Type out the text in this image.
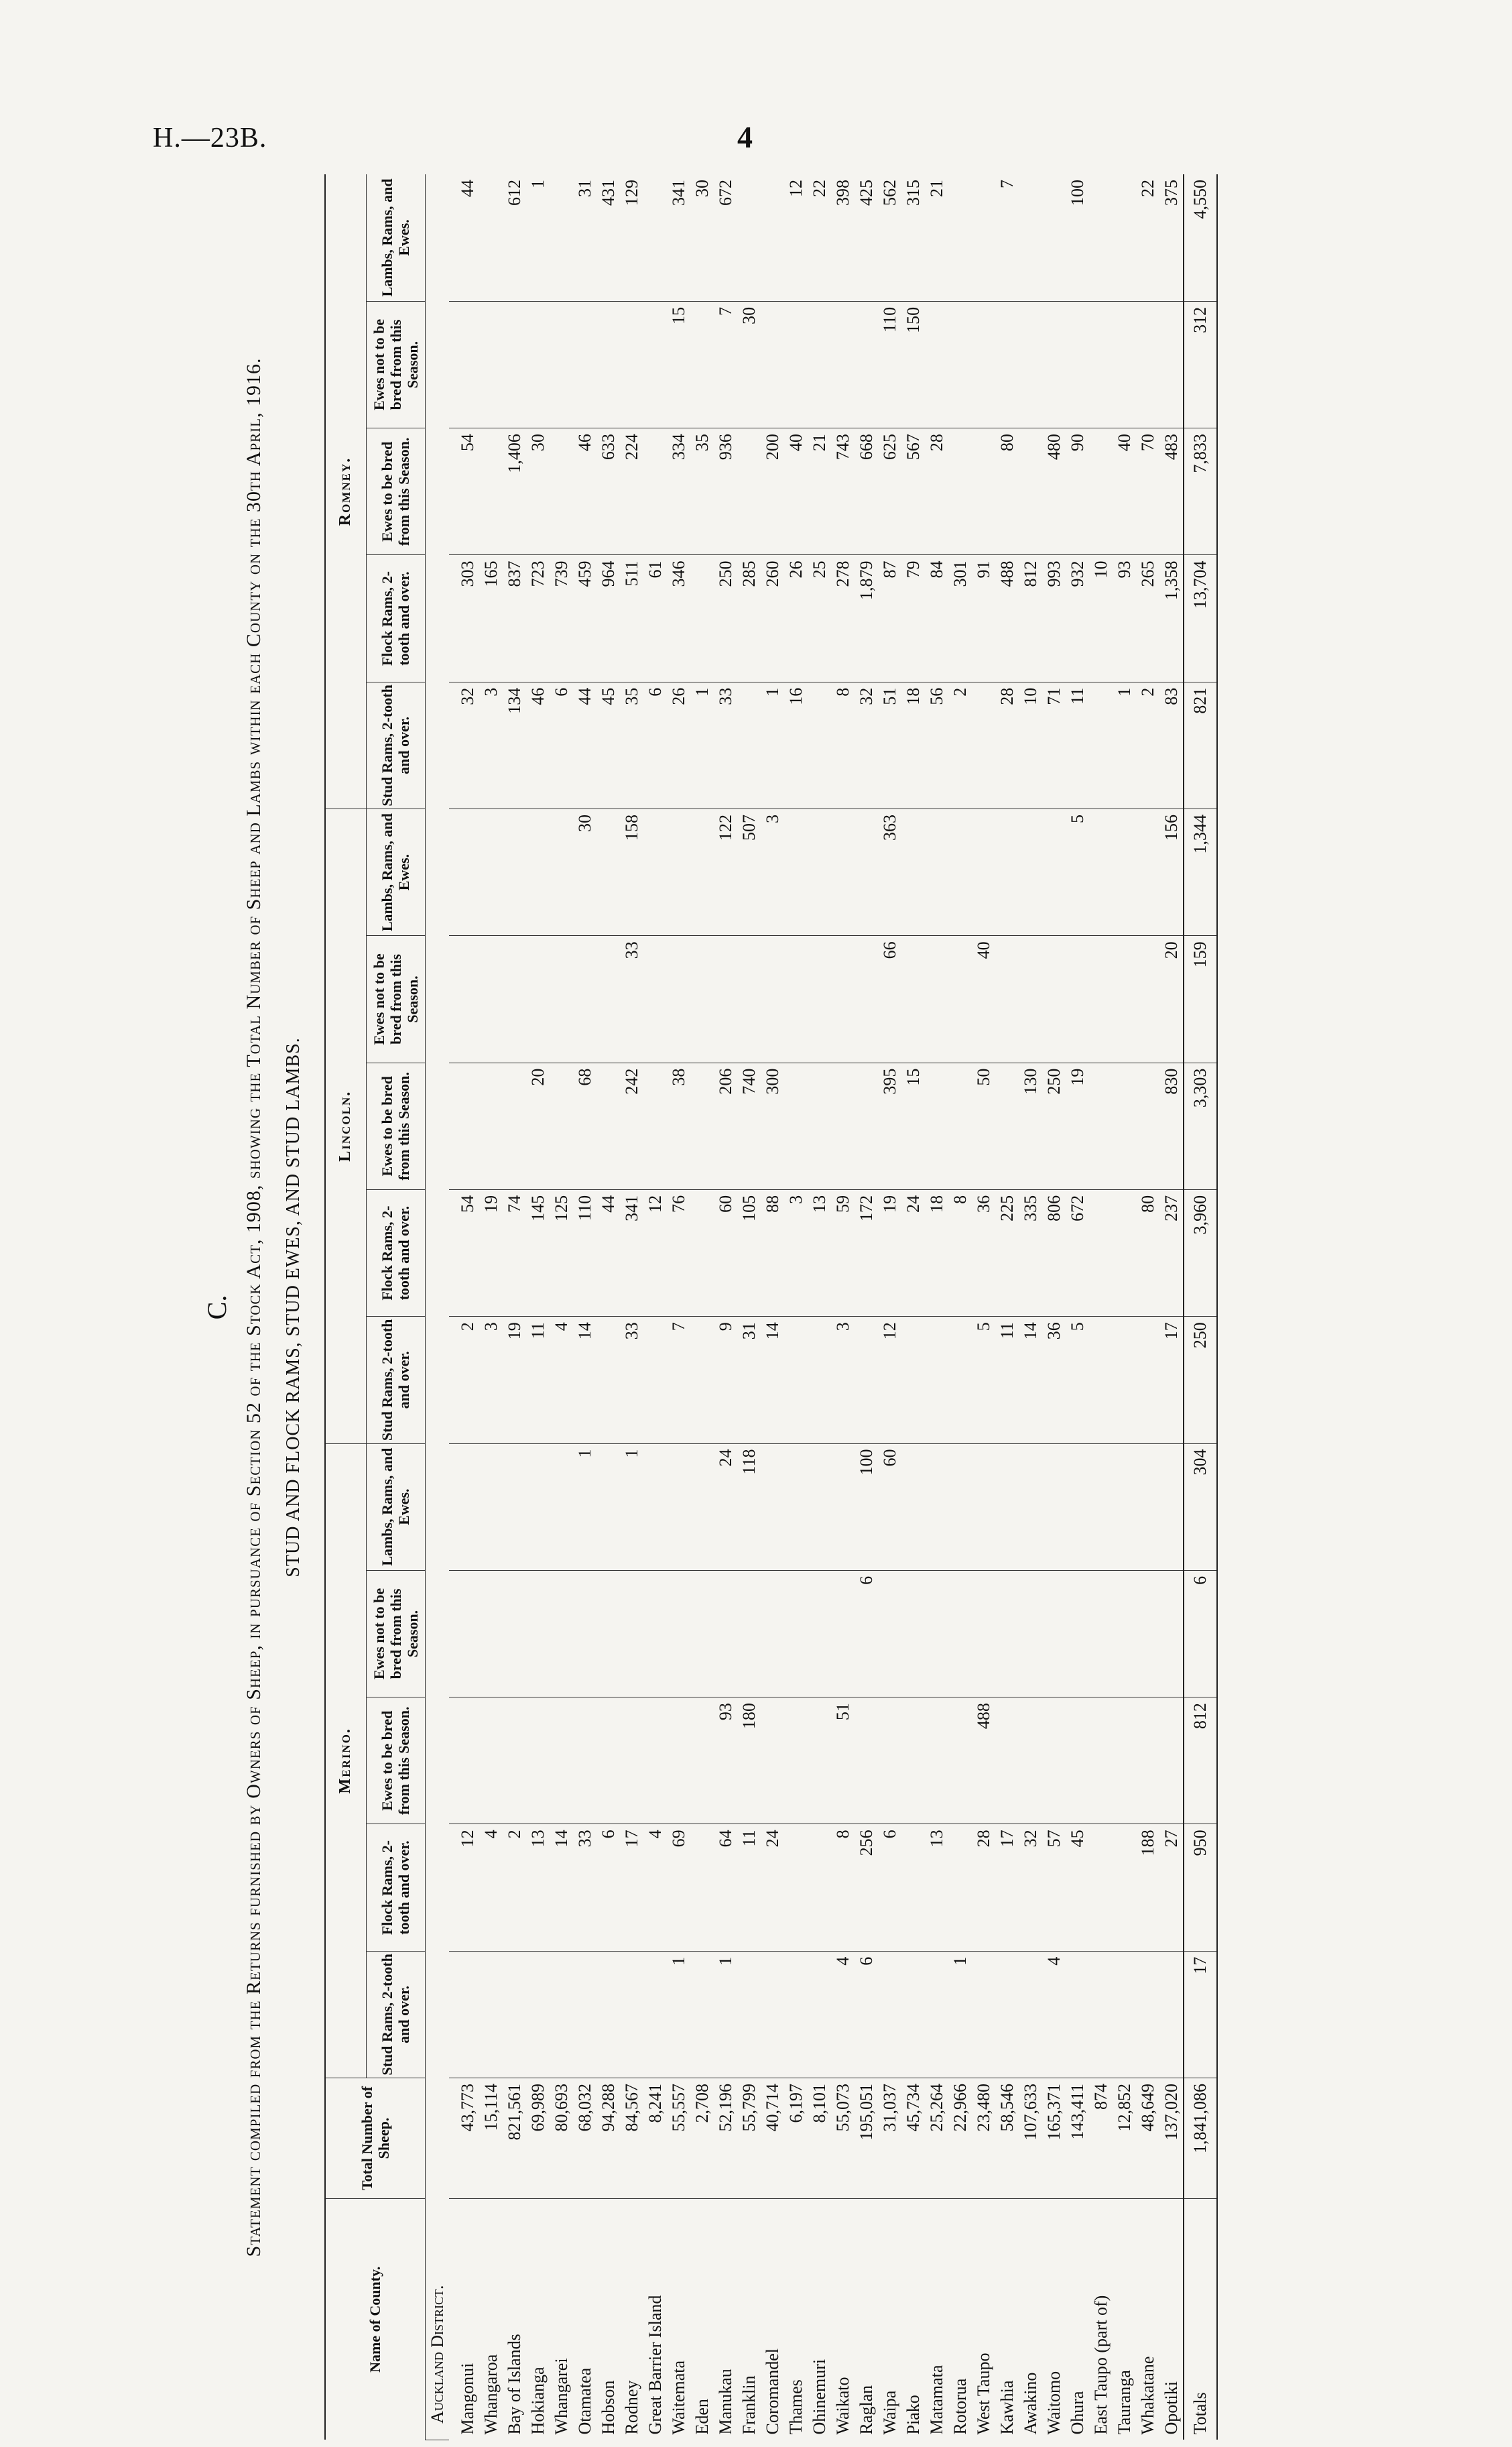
H.—23B.	4
C. Statement compiled from the Returns furnished by Owners of Sheep, in pursuance of Section 52 of the Stock Act, 1908, showing the Total Number of Sheep and Lambs within each County on the 30th April, 1916. STUD AND FLOCK RAMS, STUD EWES, AND STUD LAMBS.
Name of County.	Total Number of Sheep.	Merino.					Lincoln.					Romney.				
		Stud Rams, 2-tooth and over.	Flock Rams, 2-tooth and over.	Ewes to be bred from this Season.	Ewes not to be bred from this Season.	Lambs, Rams, and Ewes.	Stud Rams, 2-tooth and over.	Flock Rams, 2-tooth and over.	Ewes to be bred from this Season.	Ewes not to be bred from this Season.	Lambs, Rams, and Ewes.	Stud Rams, 2-tooth and over.	Flock Rams, 2-tooth and over.	Ewes to be bred from this Season.	Ewes not to be bred from this Season.	Lambs, Rams, and Ewes.
Auckland District.																
Mangonui	43,773		12				2	54				32	303	54		44
Whangaroa	15,114		4				3	19				3	165			
Bay of Islands	821,561		2				19	74				134	837	1,406		612
Hokianga	69,989		13				11	145	20			46	723	30		1
Whangarei	80,693		14				4	125				6	739			
Otamatea	68,032		33			1	14	110	68		30	44	459	46		31
Hobson	94,288		6					44				45	964	633		431
Rodney	84,567		17			1	33	341	242	33	158	35	511	224		129
Great Barrier Island	8,241		4					12				6	61			
Waitemata	55,557	1	69				7	76	38			26	346	334	15	341
Eden	2,708											1		35		30
Manukau	52,196	1	64	93		24	9	60	206		122	33	250	936	7	672
Franklin	55,799		11	180		118	31	105	740		507		285		30	
Coromandel	40,714		24				14	88	300		3	1	260	200		
Thames	6,197							3				16	26	40		12
Ohinemuri	8,101							13					25	21		22
Waikato	55,073	4	8	51			3	59				8	278	743		398
Raglan	195,051	6	256		6	100		172				32	1,879	668		425
Waipa	31,037		6			60	12	19	395	66	363	51	87	625	110	562
Piako	45,734							24	15			18	79	567	150	315
Matamata	25,264		13					18				56	84	28		21
Rotorua	22,966	1						8				2	301			
West Taupo	23,480		28	488			5	36	50	40			91			
Kawhia	58,546		17				11	225				28	488	80		7
Awakino	107,633		32				14	335	130			10	812			
Waitomo	165,371	4	57				36	806	250			71	993	480		
Ohura	143,411		45				5	672	19		5	11	932	90		100
East Taupo (part of)	874												10			
Tauranga	12,852											1	93	40		
Whakatane	48,649		188					80				2	265	70		22
Opotiki	137,020		27				17	237	830	20	156	83	1,358	483		375
Totals	1,841,086	17	950	812	6	304	250	3,960	3,303	159	1,344	821	13,704	7,833	312	4,550
